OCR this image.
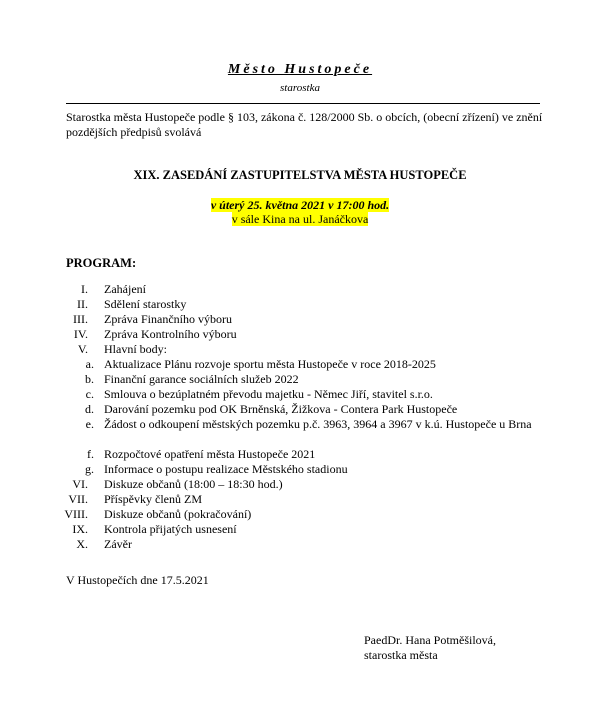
Město Hustopeče
starostka
Starostka města Hustopeče podle § 103, zákona č. 128/2000 Sb. o obcích, (obecní zřízení) ve znění pozdějších předpisů svolává
XIX. ZASEDÁNÍ ZASTUPITELSTVA MĚSTA HUSTOPEČE
v úterý 25. května 2021 v 17:00 hod.
v sále Kina na ul. Janáčkova
PROGRAM:
I. Zahájení
II. Sdělení starostky
III. Zpráva Finančního výboru
IV. Zpráva Kontrolního výboru
V. Hlavní body:
a. Aktualizace Plánu rozvoje sportu města Hustopeče v roce 2018-2025
b. Finanční garance sociálních služeb 2022
c. Smlouva o bezúplatném převodu majetku - Němec Jiří, stavitel s.r.o.
d. Darování pozemku pod OK Brněnská, Žižkova - Contera Park Hustopeče
e. Žádost o odkoupení městských pozemku p.č. 3963, 3964 a 3967 v k.ú. Hustopeče u Brna
f. Rozpočtové opatření města Hustopeče 2021
g. Informace o postupu realizace Městského stadionu
VI. Diskuze občanů (18:00 – 18:30 hod.)
VII. Příspěvky členů ZM
VIII. Diskuze občanů (pokračování)
IX. Kontrola přijatých usnesení
X. Závěr
V Hustopečích dne 17.5.2021
PaedDr. Hana Potměšilová,
starostka města
